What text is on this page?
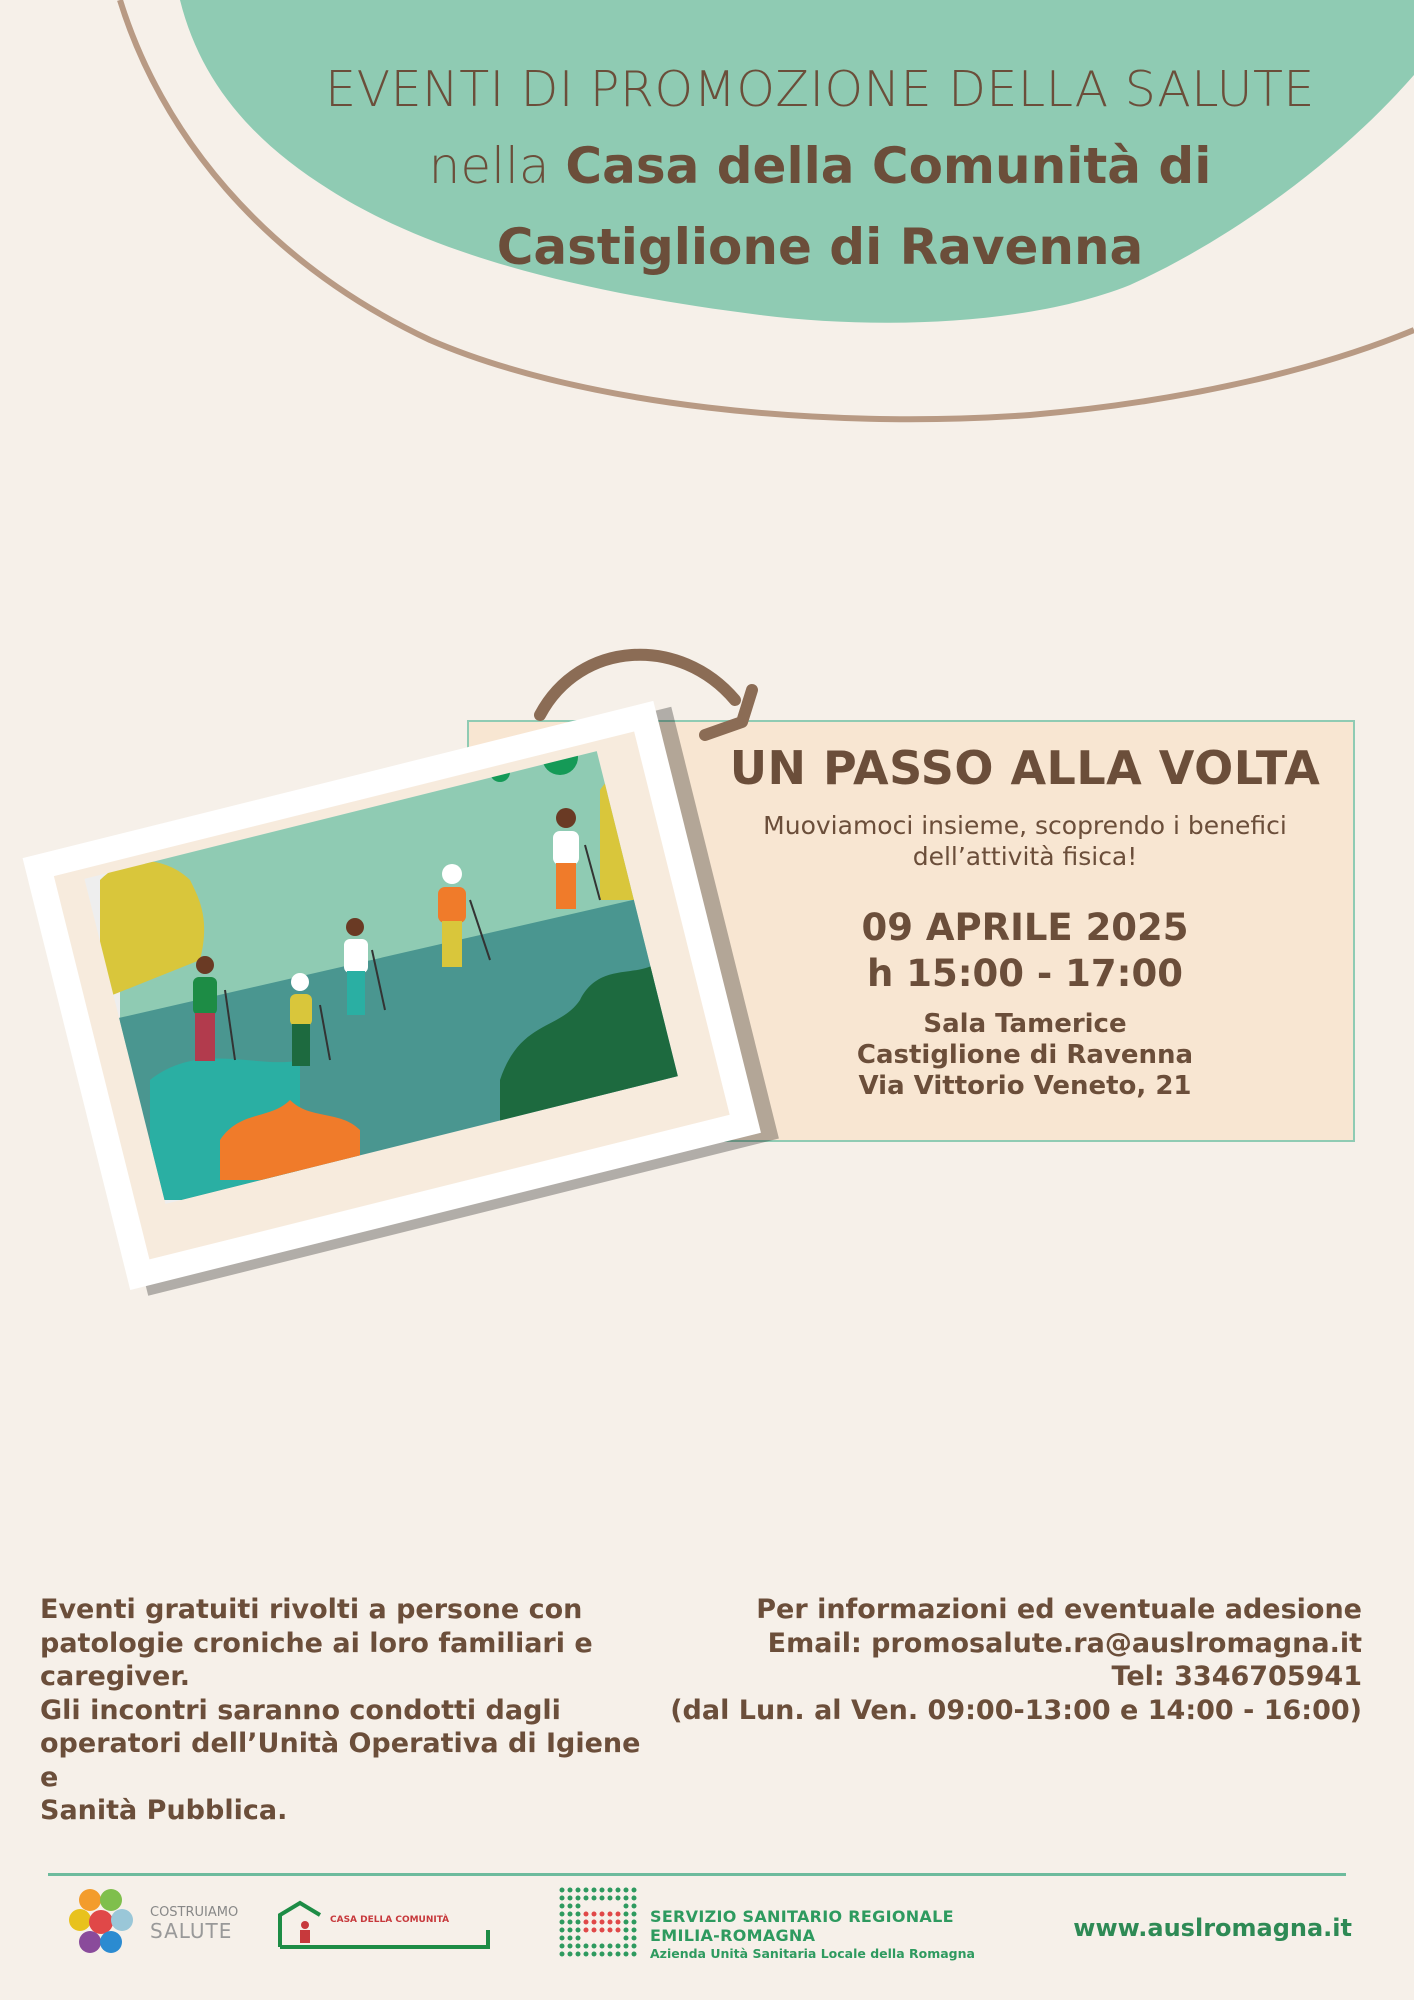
EVENTI DI PROMOZIONE DELLA SALUTE
nella Casa della Comunità di
Castiglione di Ravenna
UN PASSO ALLA VOLTA
Muoviamoci insieme, scoprendo i benefici
dell’attività fisica!
09 APRILE 2025
h 15:00 - 17:00
Sala Tamerice
Castiglione di Ravenna
Via Vittorio Veneto, 21
Eventi gratuiti rivolti a persone con
patologie croniche ai loro familiari e
caregiver.
Gli incontri saranno condotti dagli
operatori dell’Unità Operativa di Igiene e
Sanità Pubblica.
Per informazioni ed eventuale adesione
Email: promosalute.ra@auslromagna.it
Tel: 3346705941
(dal Lun. al Ven. 09:00-13:00 e 14:00 - 16:00)
COSTRUIAMO
SALUTE	CASA DELLA COMUNITÀ	SERVIZIO SANITARIO REGIONALE
EMILIA-ROMAGNA
Azienda Unità Sanitaria Locale della Romagna
www.auslromagna.it
